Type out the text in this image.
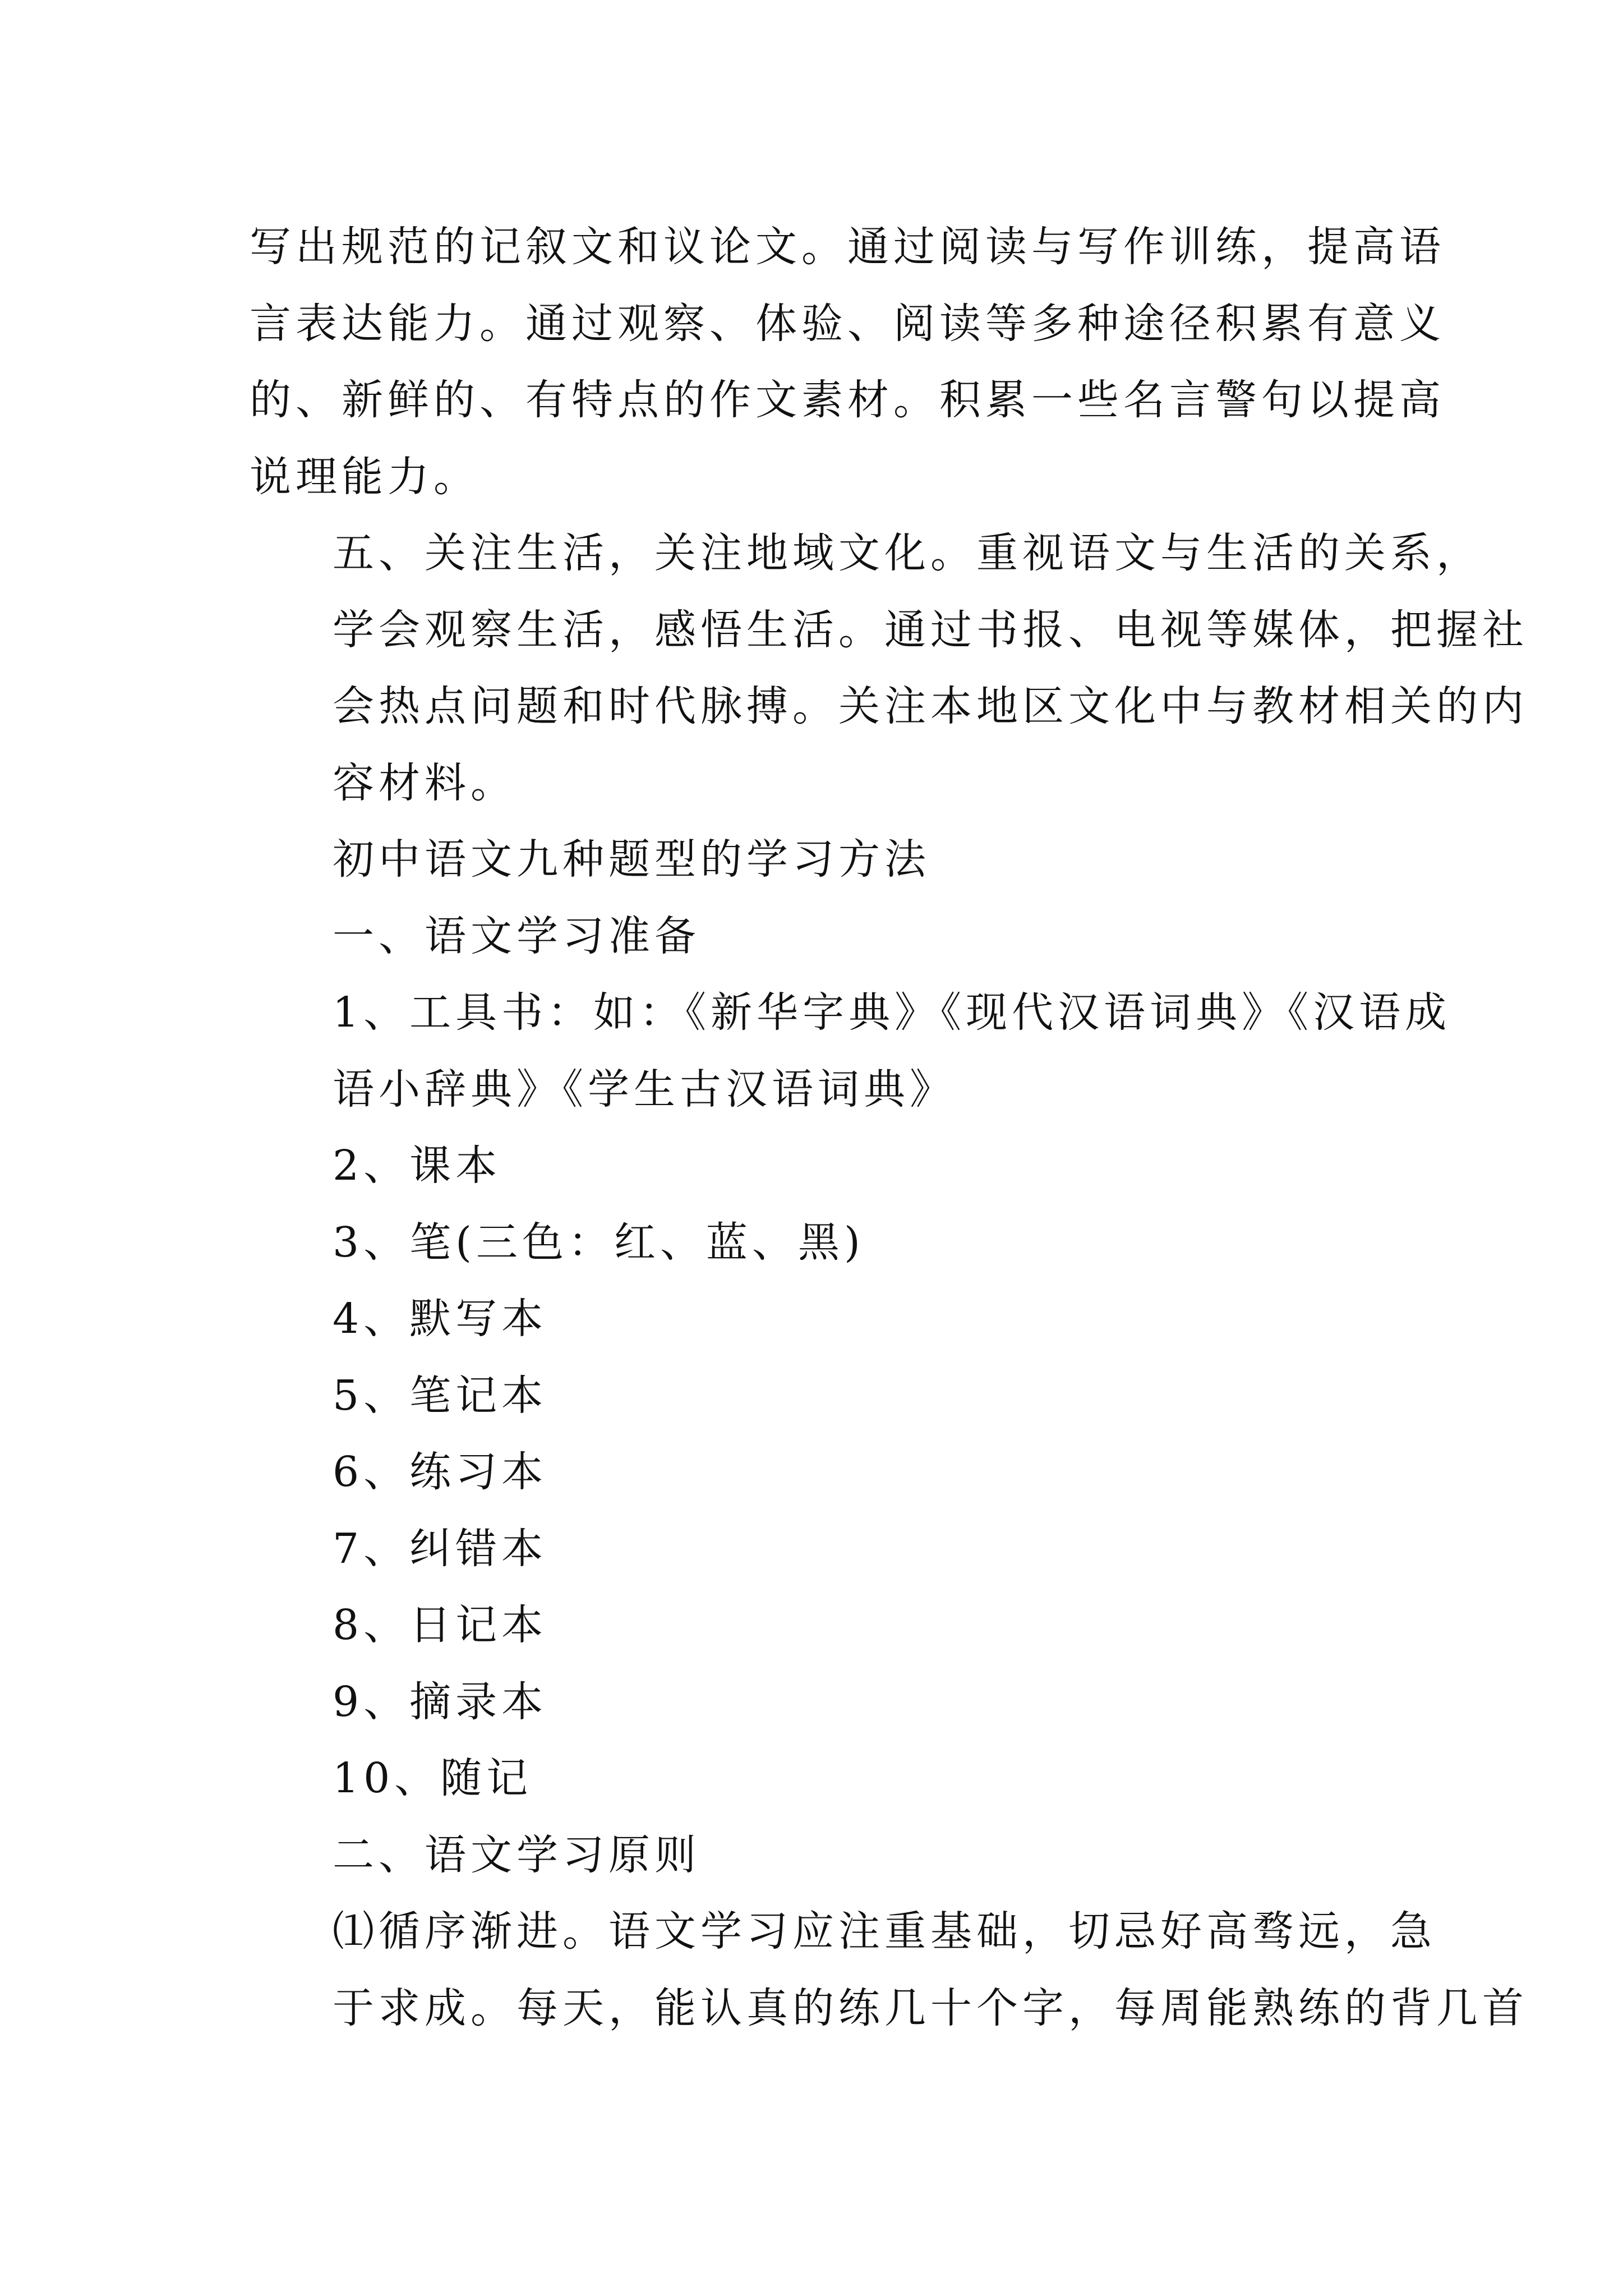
写出规范的记叙文和议论文。通过阅读与写作训练，提高语
言表达能力。通过观察、体验、阅读等多种途径积累有意义
的、新鲜的、有特点的作文素材。积累一些名言警句以提高
说理能力。
五、关注生活，关注地域文化。重视语文与生活的关系，
学会观察生活，感悟生活。通过书报、电视等媒体，把握社
会热点问题和时代脉搏。关注本地区文化中与教材相关的内
容材料。
初中语文九种题型的学习方法
一、语文学习准备
1、工具书：如：《新华字典》《现代汉语词典》《汉语成
语小辞典》《学生古汉语词典》
2、课本
3、笔(三色：红、蓝、黑)
4、默写本
5、笔记本
6、练习本
7、纠错本
8、日记本
9、摘录本
10、随记
二、语文学习原则
⑴循序渐进。语文学习应注重基础，切忌好高骛远，急
于求成。每天，能认真的练几十个字，每周能熟练的背几首
